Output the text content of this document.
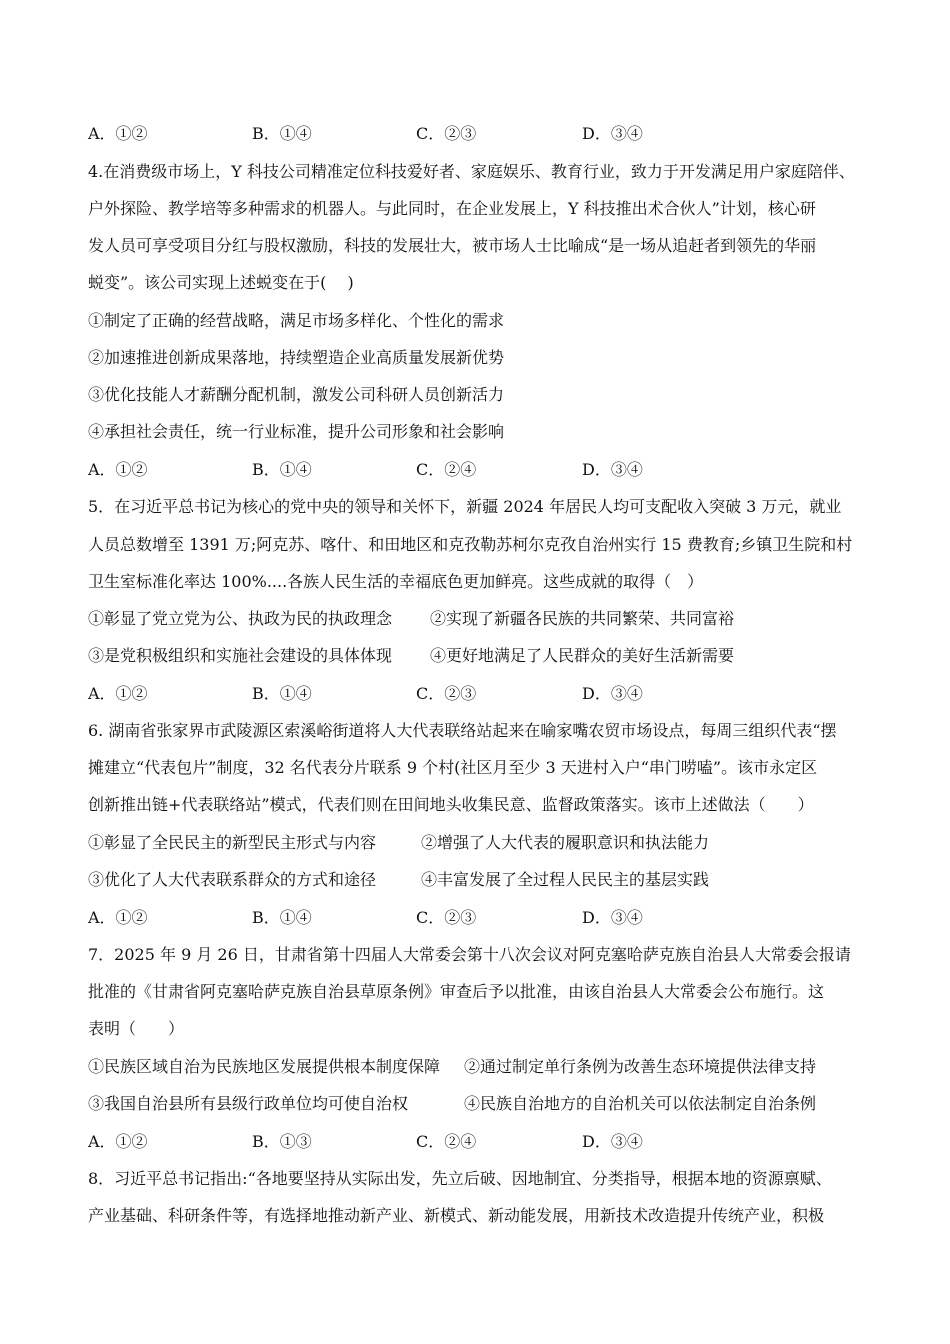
A．①②	B．①④	C．②③	D．③④
4.在消费级市场上，Y 科技公司精准定位科技爱好者、家庭娱乐、教育行业，致力于开发满足用户家庭陪伴、
户外探险、教学培等多种需求的机器人。与此同时，在企业发展上，Y 科技推出术合伙人”计划，核心研
发人员可享受项目分红与股权激励，科技的发展壮大，被市场人士比喻成“是一场从追赶者到领先的华丽
蜕变”。该公司实现上述蜕变在于(　 )
①制定了正确的经营战略，满足市场多样化、个性化的需求
②加速推进创新成果落地，持续塑造企业高质量发展新优势
③优化技能人才薪酬分配机制，激发公司科研人员创新活力
④承担社会责任，统一行业标准，提升公司形象和社会影响
A．①②	B．①④	C．②④	D．③④
5．在习近平总书记为核心的党中央的领导和关怀下，新疆 2024 年居民人均可支配收入突破 3 万元，就业
人员总数增至 1391 万;阿克苏、喀什、和田地区和克孜勒苏柯尔克孜自治州实行 15 费教育;乡镇卫生院和村
卫生室标准化率达 100%....各族人民生活的幸福底色更加鲜亮。这些成就的取得（　）
①彰显了党立党为公、执政为民的执政理念 ②实现了新疆各民族的共同繁荣、共同富裕
③是党积极组织和实施社会建设的具体体现 ④更好地满足了人民群众的美好生活新需要
A．①②	B．①④	C．②③	D．③④
6. 湖南省张家界市武陵源区索溪峪街道将人大代表联络站起来在喻家嘴农贸市场设点，每周三组织代表“摆
摊建立“代表包片”制度，32 名代表分片联系 9 个村(社区月至少 3 天进村入户“串门唠嗑”。该市永定区
创新推出链+代表联络站”模式，代表们则在田间地头收集民意、监督政策落实。该市上述做法（　　）
①彰显了全民民主的新型民主形式与内容	②增强了人大代表的履职意识和执法能力
③优化了人大代表联系群众的方式和途径	④丰富发展了全过程人民民主的基层实践
A．①②	B．①④	C．②③	D．③④
7．2025 年 9 月 26 日，甘肃省第十四届人大常委会第十八次会议对阿克塞哈萨克族自治县人大常委会报请
批准的《甘肃省阿克塞哈萨克族自治县草原条例》审查后予以批准，由该自治县人大常委会公布施行。这
表明（　　）
①民族区域自治为民族地区发展提供根本制度保障 ②通过制定单行条例为改善生态环境提供法律支持
③我国自治县所有县级行政单位均可使自治权	④民族自治地方的自治机关可以依法制定自治条例
A．①②	B．①③	C．②④	D．③④
8．习近平总书记指出:“各地要坚持从实际出发，先立后破、因地制宜、分类指导，根据本地的资源禀赋、
产业基础、科研条件等，有选择地推动新产业、新模式、新动能发展，用新技术改造提升传统产业，积极
